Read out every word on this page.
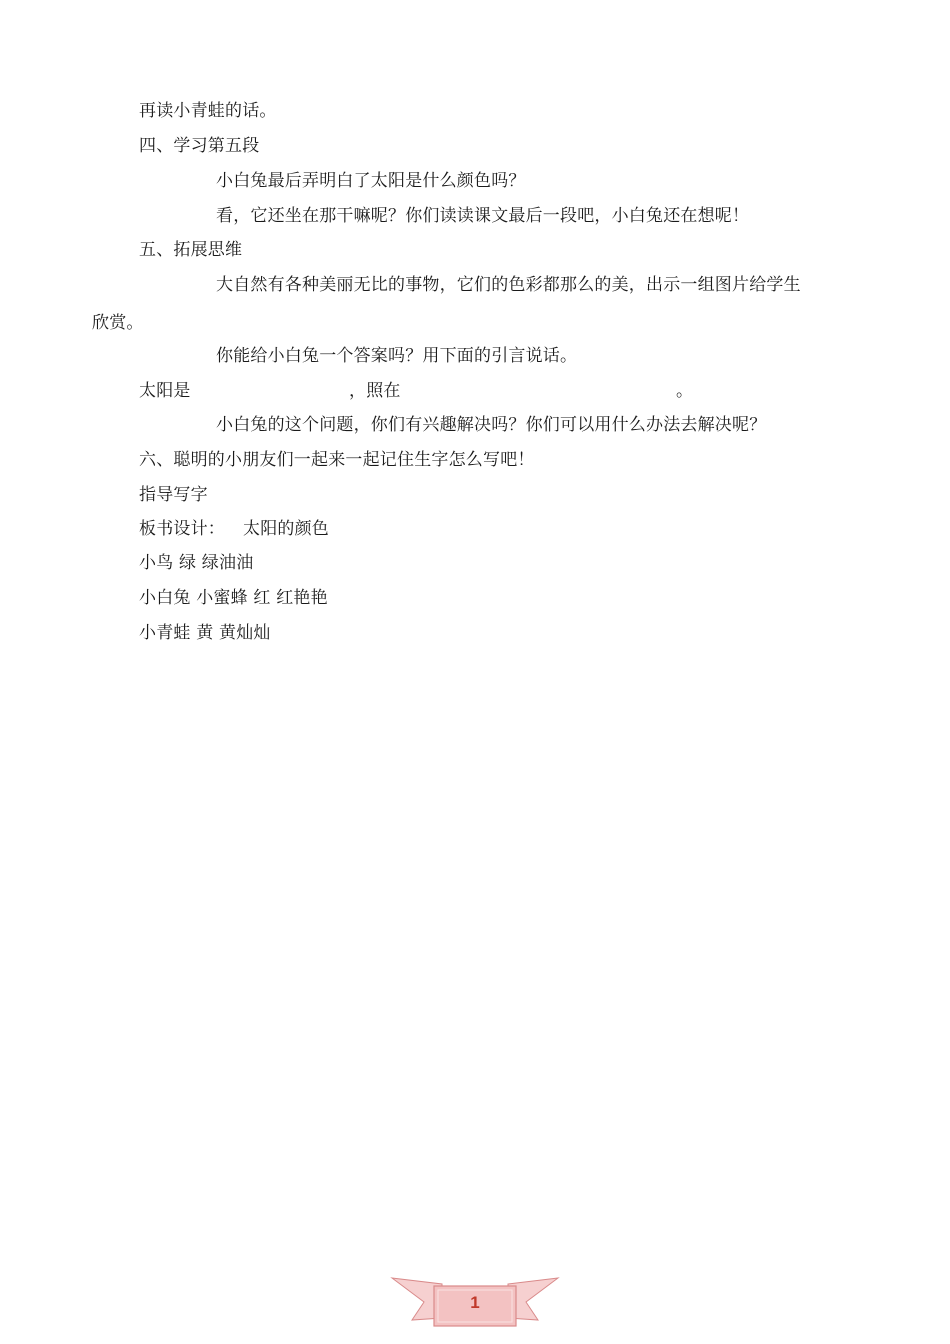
再读小青蛙的话。
四、学习第五段
小白兔最后弄明白了太阳是什么颜色吗？
看，它还坐在那干嘛呢？你们读读课文最后一段吧，小白兔还在想呢！
五、拓展思维
大自然有各种美丽无比的事物，它们的色彩都那么的美，出示一组图片给学生
欣赏。
你能给小白兔一个答案吗？用下面的引言说话。
太阳是	，照在	。
小白兔的这个问题，你们有兴趣解决吗？你们可以用什么办法去解决呢？
六、聪明的小朋友们一起来一起记住生字怎么写吧！
指导写字
板书设计： 太阳的颜色
小鸟 绿 绿油油
小白兔 小蜜蜂 红 红艳艳
小青蛙 黄 黄灿灿
1
